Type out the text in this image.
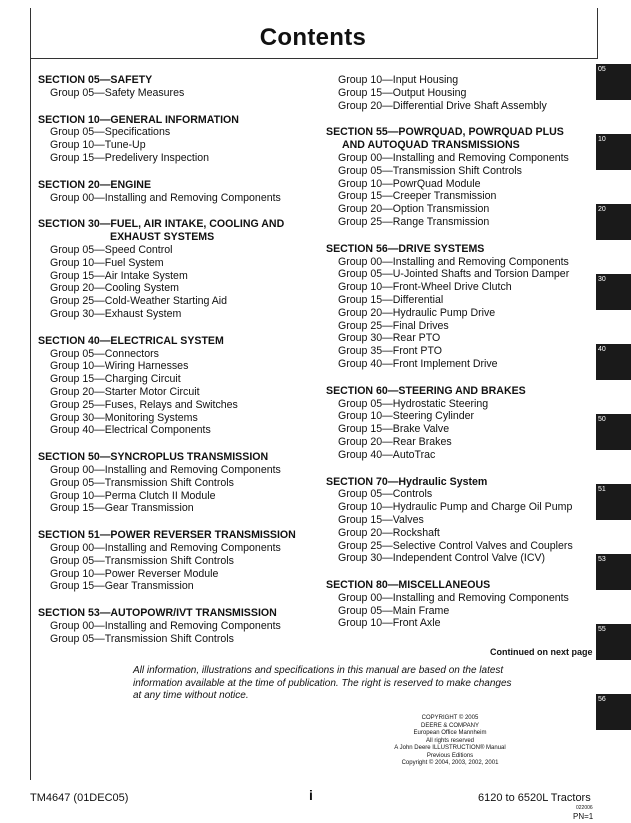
Contents
SECTION 05—SAFETY
Group 05—Safety Measures
SECTION 10—GENERAL INFORMATION
Group 05—Specifications
Group 10—Tune-Up
Group 15—Predelivery Inspection
SECTION 20—ENGINE
Group 00—Installing and Removing Components
SECTION 30—FUEL, AIR INTAKE, COOLING AND
EXHAUST SYSTEMS
Group 05—Speed Control
Group 10—Fuel System
Group 15—Air Intake System
Group 20—Cooling System
Group 25—Cold-Weather Starting Aid
Group 30—Exhaust System
SECTION 40—ELECTRICAL SYSTEM
Group 05—Connectors
Group 10—Wiring Harnesses
Group 15—Charging Circuit
Group 20—Starter Motor Circuit
Group 25—Fuses, Relays and Switches
Group 30—Monitoring Systems
Group 40—Electrical Components
SECTION 50—SYNCROPLUS TRANSMISSION
Group 00—Installing and Removing Components
Group 05—Transmission Shift Controls
Group 10—Perma Clutch II Module
Group 15—Gear Transmission
SECTION 51—POWER REVERSER TRANSMISSION
Group 00—Installing and Removing Components
Group 05—Transmission Shift Controls
Group 10—Power Reverser Module
Group 15—Gear Transmission
SECTION 53—AUTOPOWR/IVT TRANSMISSION
Group 00—Installing and Removing Components
Group 05—Transmission Shift Controls
Group 10—Input Housing
Group 15—Output Housing
Group 20—Differential Drive Shaft Assembly
SECTION 55—POWRQUAD, POWRQUAD PLUS
AND AUTOQUAD TRANSMISSIONS
Group 00—Installing and Removing Components
Group 05—Transmission Shift Controls
Group 10—PowrQuad Module
Group 15—Creeper Transmission
Group 20—Option Transmission
Group 25—Range Transmission
SECTION 56—DRIVE SYSTEMS
Group 00—Installing and Removing Components
Group 05—U-Jointed Shafts and Torsion Damper
Group 10—Front-Wheel Drive Clutch
Group 15—Differential
Group 20—Hydraulic Pump Drive
Group 25—Final Drives
Group 30—Rear PTO
Group 35—Front PTO
Group 40—Front Implement Drive
SECTION 60—STEERING AND BRAKES
Group 05—Hydrostatic Steering
Group 10—Steering Cylinder
Group 15—Brake Valve
Group 20—Rear Brakes
Group 40—AutoTrac
SECTION 70—Hydraulic System
Group 05—Controls
Group 10—Hydraulic Pump and Charge Oil Pump
Group 15—Valves
Group 20—Rockshaft
Group 25—Selective Control Valves and Couplers
Group 30—Independent Control Valve (ICV)
SECTION 80—MISCELLANEOUS
Group 00—Installing and Removing Components
Group 05—Main Frame
Group 10—Front Axle
Continued on next page
All information, illustrations and specifications in this manual are based on the latest information available at the time of publication. The right is reserved to make changes at any time without notice.
COPYRIGHT © 2005
DEERE & COMPANY
European Office Mannheim
All rights reserved
A John Deere ILLUSTRUCTION® Manual
Previous Editions
Copyright © 2004, 2003, 2002, 2001
TM4647 (01DEC05)	i	6120 to 6520L Tractors
022006
PN=1
05
10
20
30
40
50
51
53
55
56
